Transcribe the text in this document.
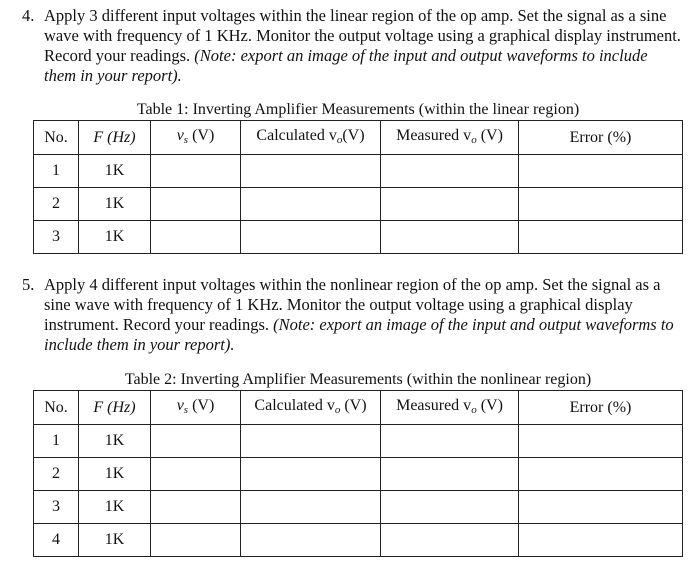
4. Apply 3 different input voltages within the linear region of the op amp. Set the signal as a sine wave with frequency of 1 KHz. Monitor the output voltage using a graphical display instrument. Record your readings. (Note: export an image of the input and output waveforms to include them in your report).
Table 1: Inverting Amplifier Measurements (within the linear region)
No.	F (Hz)	$v_s$ (V)	Calculated $v_o(V)$	Measured $v_o$ (V)	Error (%)
1	1K				
2	1K				
3	1K				
5. Apply 4 different input voltages within the nonlinear region of the op amp. Set the signal as a sine wave with frequency of 1 KHz. Monitor the output voltage using a graphical display instrument. Record your readings. (Note: export an image of the input and output waveforms to include them in your report).
Table 2: Inverting Amplifier Measurements (within the nonlinear region)
No.	F (Hz)	$v_s$ (V)	Calculated $v_o$ (V)	Measured $v_o$ (V)	Error (%)
1	1K				
2	1K				
3	1K				
4	1K				
